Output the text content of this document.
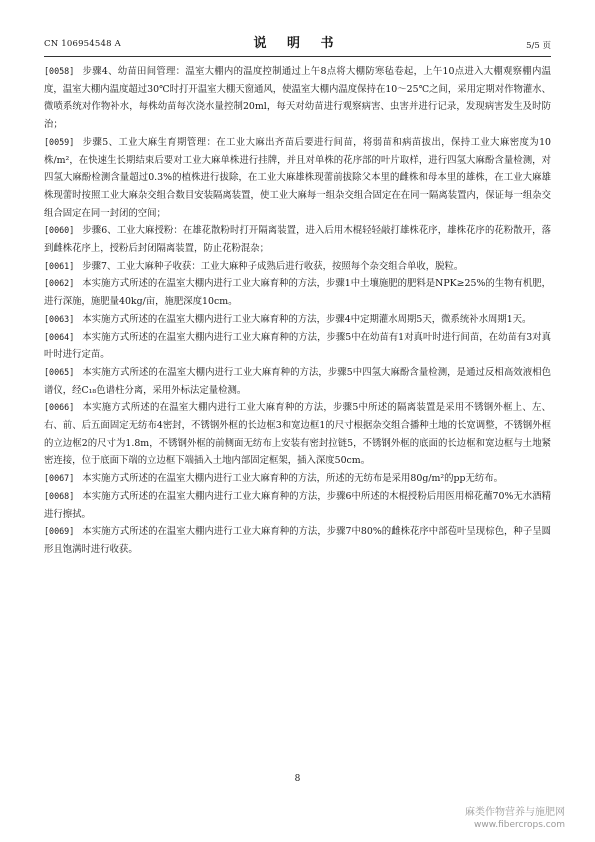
CN 106954548 A	说 明 书	5/5 页

[0058] 步骤4、幼苗田间管理：温室大棚内的温度控制通过上午8点将大棚防寒毡卷起，上午10点进入大棚观察棚内温度，温室大棚内温度超过30℃时打开温室大棚天窗通风，使温室大棚内温度保持在10～25℃之间，采用定期对作物灌水、微喷系统对作物补水，每株幼苗每次浇水量控制20ml，每天对幼苗进行观察病害、虫害并进行记录，发现病害发生及时防治；

[0059] 步骤5、工业大麻生育期管理：在工业大麻出齐苗后要进行间苗，将弱苗和病苗拔出，保持工业大麻密度为10株/m²，在快速生长期结束后要对工业大麻单株进行挂牌，并且对单株的花序部的叶片取样，进行四氢大麻酚含量检测，对四氢大麻酚检测含量超过0.3%的植株进行拔除，在工业大麻雄株现蕾前拔除父本里的雌株和母本里的雄株，在工业大麻雄株现蕾时按照工业大麻杂交组合数目安装隔离装置，使工业大麻每一组杂交组合固定在在同一隔离装置内，保证每一组杂交组合固定在同一封闭的空间；

[0060] 步骤6、工业大麻授粉：在雄花散粉时打开隔离装置，进入后用木棍轻轻敲打雄株花序，雄株花序的花粉散开，落到雌株花序上，授粉后封闭隔离装置，防止花粉混杂；

[0061] 步骤7、工业大麻种子收获：工业大麻种子成熟后进行收获，按照每个杂交组合单收，脱粒。

[0062] 本实施方式所述的在温室大棚内进行工业大麻育种的方法，步骤1中土壤施肥的肥料是NPK≥25%的生物有机肥，进行深施，施肥量40kg/亩，施肥深度10cm。

[0063] 本实施方式所述的在温室大棚内进行工业大麻育种的方法，步骤4中定期灌水周期5天，微系统补水周期1天。

[0064] 本实施方式所述的在温室大棚内进行工业大麻育种的方法，步骤5中在幼苗有1对真叶时进行间苗，在幼苗有3对真叶时进行定苗。

[0065] 本实施方式所述的在温室大棚内进行工业大麻育种的方法，步骤5中四氢大麻酚含量检测，是通过反相高效液相色谱仪，经C₁₈色谱柱分离，采用外标法定量检测。

[0066] 本实施方式所述的在温室大棚内进行工业大麻育种的方法，步骤5中所述的隔离装置是采用不锈钢外框上、左、右、前、后五面固定无纺布4密封，不锈钢外框的长边框3和宽边框1的尺寸根据杂交组合播种土地的长宽调整，不锈钢外框的立边框2的尺寸为1.8m，不锈钢外框的前侧面无纺布上安装有密封拉链5，不锈钢外框的底面的长边框和宽边框与土地紧密连接，位于底面下端的立边框下端插入土地内部固定框架，插入深度50cm。

[0067] 本实施方式所述的在温室大棚内进行工业大麻育种的方法，所述的无纺布是采用80g/m²的pp无纺布。

[0068] 本实施方式所述的在温室大棚内进行工业大麻育种的方法，步骤6中所述的木棍授粉后用医用棉花蘸70%无水酒精进行擦拭。

[0069] 本实施方式所述的在温室大棚内进行工业大麻育种的方法，步骤7中80%的雌株花序中部苞叶呈现棕色，种子呈圆形且饱满时进行收获。

8
麻类作物营养与施肥网
www.fibercrops.com
